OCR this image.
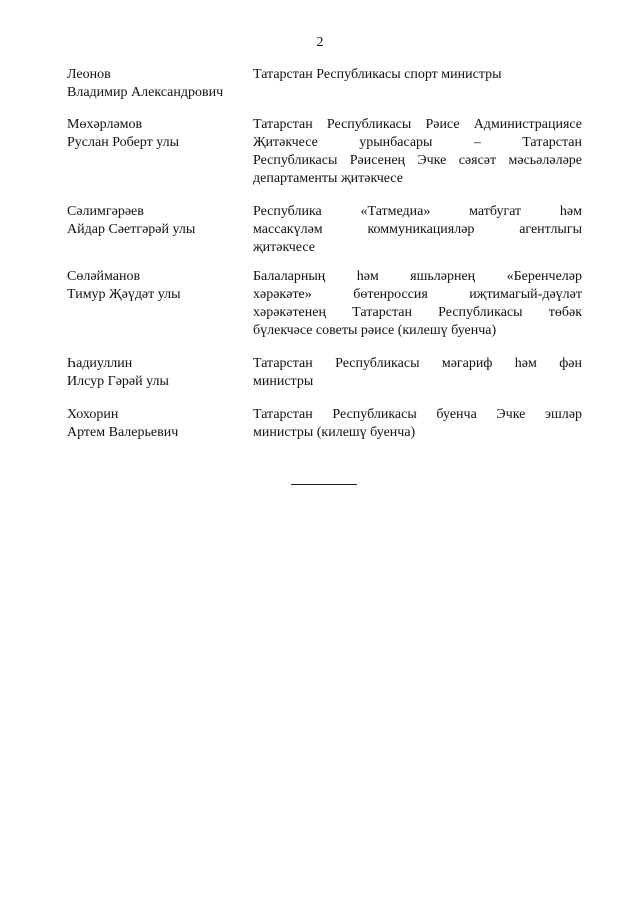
2
Леонов
Владимир Александрович
Татарстан Республикасы спорт министры
Мөхәрләмов
Руслан Роберт улы
Татарстан Республикасы Рәисе Администрациясе
Җитәкчесе урынбасары – Татарстан
Республикасы Рәисенең Эчке сәясәт мәсьәләләре
департаменты җитәкчесе
Сәлимгәрәев
Айдар Сәетгәрәй улы
Республика «Татмедиа» матбугат һәм
массакүләм коммуникацияләр агентлыгы
җитәкчесе
Сөләйманов
Тимур Җәүдәт улы
Балаларның һәм яшьләрнең «Беренчеләр
хәрәкәте» бөтенроссия иҗтимагый-дәүләт
хәрәкәтенең Татарстан Республикасы төбәк
бүлекчәсе советы рәисе (килешү буенча)
Һадиуллин
Илсур Гәрәй улы
Татарстан Республикасы мәгариф һәм фән
министры
Хохорин
Артем Валерьевич
Татарстан Республикасы буенча Эчке эшләр
министры (килешү буенча)
